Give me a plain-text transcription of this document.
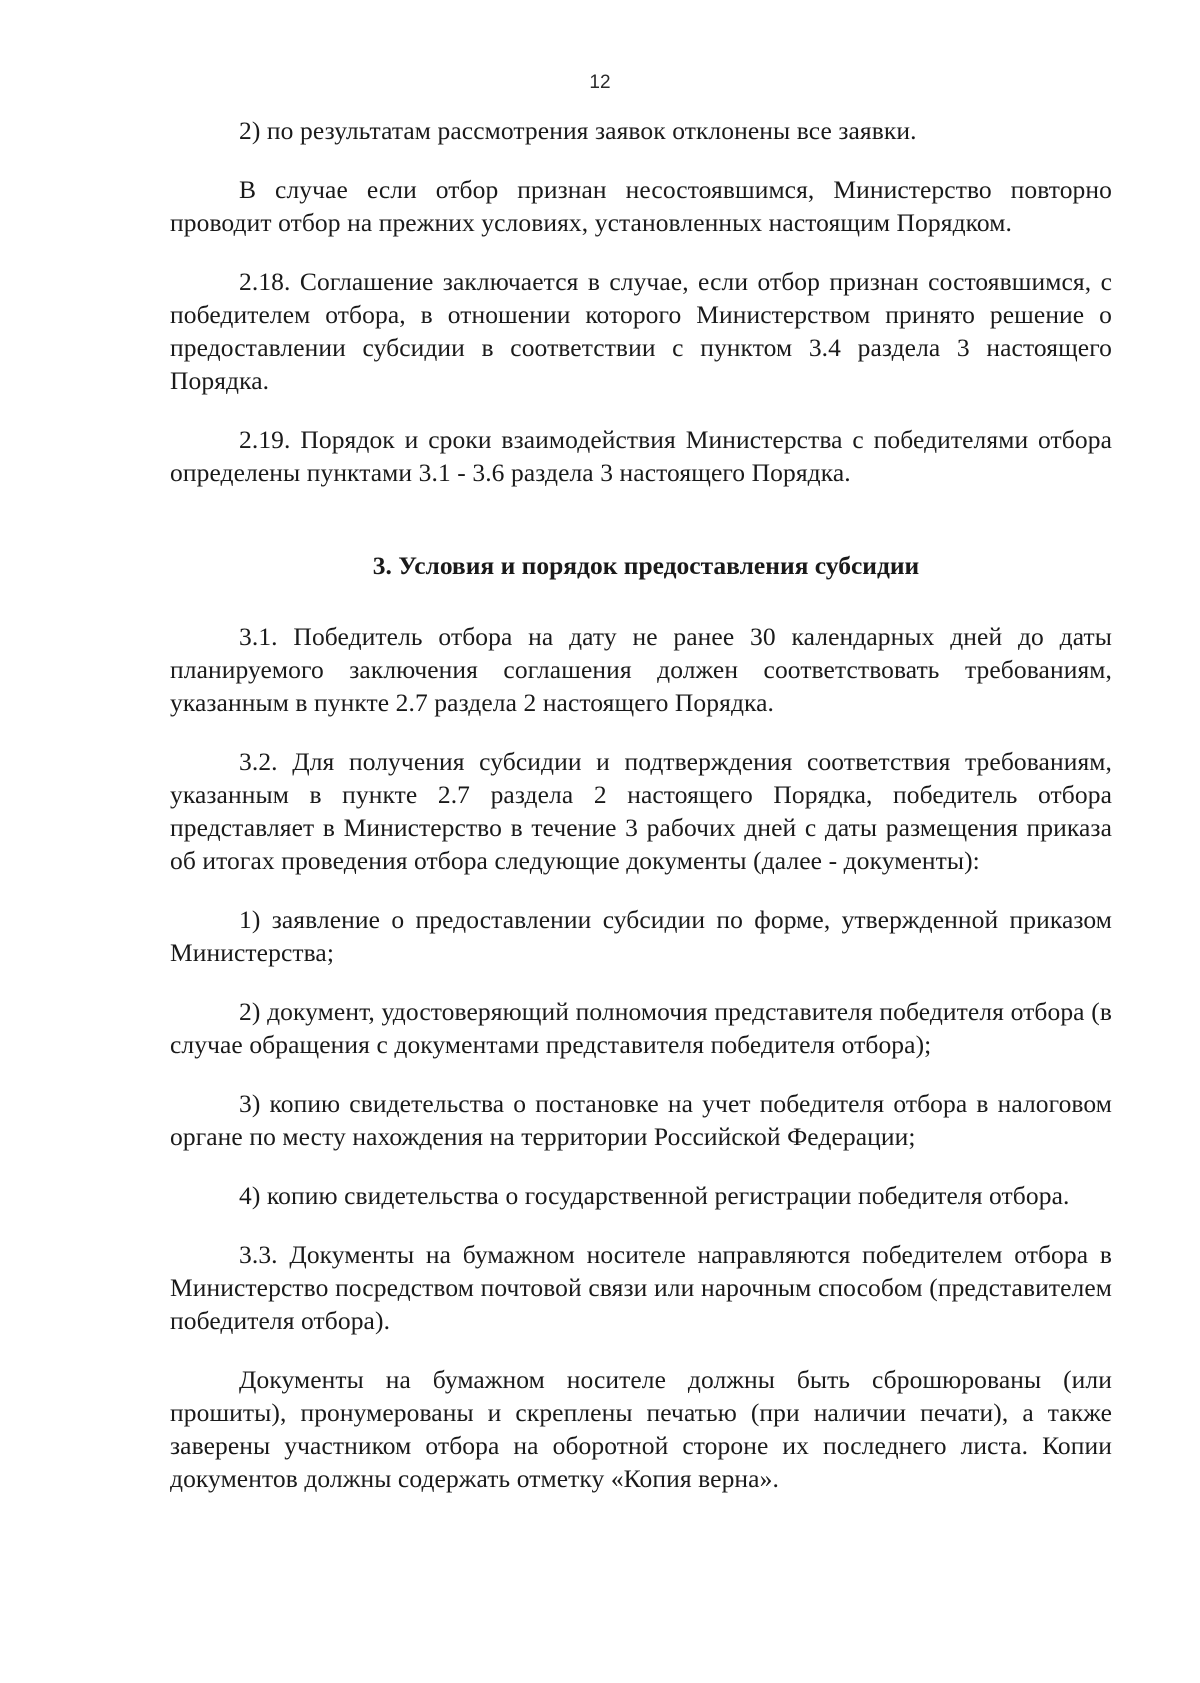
12

2) по результатам рассмотрения заявок отклонены все заявки.

В случае если отбор признан несостоявшимся, Министерство повторно проводит отбор на прежних условиях, установленных настоящим Порядком.

2.18. Соглашение заключается в случае, если отбор признан состоявшимся, с победителем отбора, в отношении которого Министерством принято решение о предоставлении субсидии в соответствии с пунктом 3.4 раздела 3 настоящего Порядка.

2.19. Порядок и сроки взаимодействия Министерства с победителями отбора определены пунктами 3.1 - 3.6 раздела 3 настоящего Порядка.

3. Условия и порядок предоставления субсидии

3.1. Победитель отбора на дату не ранее 30 календарных дней до даты планируемого заключения соглашения должен соответствовать требованиям, указанным в пункте 2.7 раздела 2 настоящего Порядка.

3.2. Для получения субсидии и подтверждения соответствия требованиям, указанным в пункте 2.7 раздела 2 настоящего Порядка, победитель отбора представляет в Министерство в течение 3 рабочих дней с даты размещения приказа об итогах проведения отбора следующие документы (далее - документы):

1) заявление о предоставлении субсидии по форме, утвержденной приказом Министерства;

2) документ, удостоверяющий полномочия представителя победителя отбора (в случае обращения с документами представителя победителя отбора);

3) копию свидетельства о постановке на учет победителя отбора в налоговом органе по месту нахождения на территории Российской Федерации;

4) копию свидетельства о государственной регистрации победителя отбора.

3.3. Документы на бумажном носителе направляются победителем отбора в Министерство посредством почтовой связи или нарочным способом (представителем победителя отбора).

Документы на бумажном носителе должны быть сброшюрованы (или прошиты), пронумерованы и скреплены печатью (при наличии печати), а также заверены участником отбора на оборотной стороне их последнего листа. Копии документов должны содержать отметку «Копия верна».
